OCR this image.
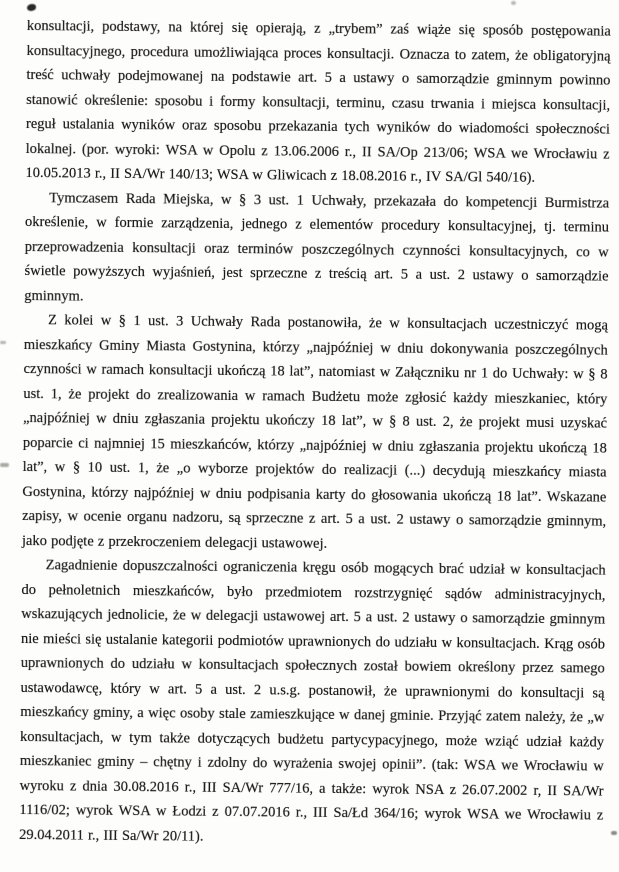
konsultacji, podstawy, na której się opierają, z „trybem” zaś wiąże się sposób postępowania konsultacyjnego, procedura umożliwiająca proces konsultacji. Oznacza to zatem, że obligatoryjną treść uchwały podejmowanej na podstawie art. 5 a ustawy o samorządzie gminnym powinno stanowić określenie: sposobu i formy konsultacji, terminu, czasu trwania i miejsca konsultacji, reguł ustalania wyników oraz sposobu przekazania tych wyników do wiadomości społeczności lokalnej. (por. wyroki: WSA w Opolu z 13.06.2006 r., II SA/Op 213/06; WSA we Wrocławiu z 10.05.2013 r., II SA/Wr 140/13; WSA w Gliwicach z 18.08.2016 r., IV SA/Gl 540/16).

Tymczasem Rada Miejska, w § 3 ust. 1 Uchwały, przekazała do kompetencji Burmistrza określenie, w formie zarządzenia, jednego z elementów procedury konsultacyjnej, tj. terminu przeprowadzenia konsultacji oraz terminów poszczególnych czynności konsultacyjnych, co w świetle powyższych wyjaśnień, jest sprzeczne z treścią art. 5 a ust. 2 ustawy o samorządzie gminnym.

Z kolei w § 1 ust. 3 Uchwały Rada postanowiła, że w konsultacjach uczestniczyć mogą mieszkańcy Gminy Miasta Gostynina, którzy „najpóźniej w dniu dokonywania poszczególnych czynności w ramach konsultacji ukończą 18 lat”, natomiast w Załączniku nr 1 do Uchwały: w § 8 ust. 1, że projekt do zrealizowania w ramach Budżetu może zgłosić każdy mieszkaniec, który „najpóźniej w dniu zgłaszania projektu ukończy 18 lat”, w § 8 ust. 2, że projekt musi uzyskać poparcie ci najmniej 15 mieszkańców, którzy „najpóźniej w dniu zgłaszania projektu ukończą 18 lat”, w § 10 ust. 1, że „o wyborze projektów do realizacji (...) decydują mieszkańcy miasta Gostynina, którzy najpóźniej w dniu podpisania karty do głosowania ukończą 18 lat”. Wskazane zapisy, w ocenie organu nadzoru, są sprzeczne z art. 5 a ust. 2 ustawy o samorządzie gminnym, jako podjęte z przekroczeniem delegacji ustawowej.

Zagadnienie dopuszczalności ograniczenia kręgu osób mogących brać udział w konsultacjach do pełnoletnich mieszkańców, było przedmiotem rozstrzygnięć sądów administracyjnych, wskazujących jednolicie, że w delegacji ustawowej art. 5 a ust. 2 ustawy o samorządzie gminnym nie mieści się ustalanie kategorii podmiotów uprawnionych do udziału w konsultacjach. Krąg osób uprawnionych do udziału w konsultacjach społecznych został bowiem określony przez samego ustawodawcę, który w art. 5 a ust. 2 u.s.g. postanowił, że uprawnionymi do konsultacji są mieszkańcy gminy, a więc osoby stale zamieszkujące w danej gminie. Przyjąć zatem należy, że „w konsultacjach, w tym także dotyczących budżetu partycypacyjnego, może wziąć udział każdy mieszkaniec gminy – chętny i zdolny do wyrażenia swojej opinii”. (tak: WSA we Wrocławiu w wyroku z dnia 30.08.2016 r., III SA/Wr 777/16, a także: wyrok NSA z 26.07.2002 r, II SA/Wr 1116/02; wyrok WSA w Łodzi z 07.07.2016 r., III Sa/Łd 364/16; wyrok WSA we Wrocławiu z 29.04.2011 r., III Sa/Wr 20/11).
